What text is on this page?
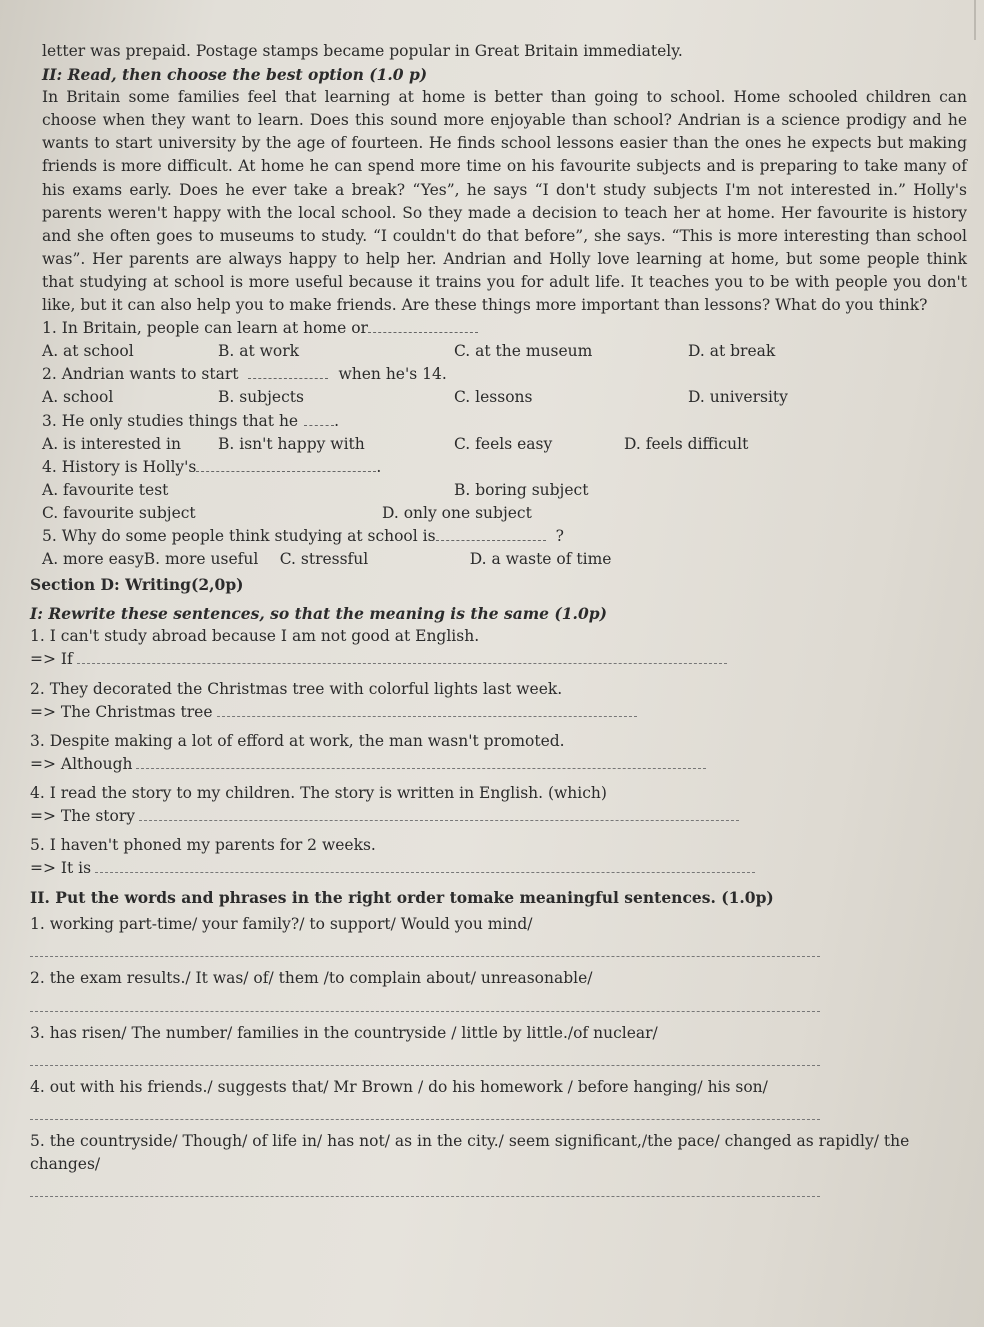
letter was prepaid. Postage stamps became popular in Great Britain immediately.
II: Read, then choose the best option (1.0 p)
In Britain some families feel that learning at home is better than going to school. Home schooled children can choose when they want to learn. Does this sound more enjoyable than school? Andrian is a science prodigy and he wants to start university by the age of fourteen. He finds school lessons easier than the ones he expects but making friends is more difficult. At home he can spend more time on his favourite subjects and is preparing to take many of his exams early. Does he ever take a break? “Yes”, he says “I don't study subjects I'm not interested in.” Holly's parents weren't happy with the local school. So they made a decision to teach her at home. Her favourite is history and she often goes to museums to study. “I couldn't do that before”, she says. “This is more interesting than school was”. Her parents are always happy to help her. Andrian and Holly love learning at home, but some people think that studying at school is more useful because it trains you for adult life. It teaches you to be with people you don't like, but it can also help you to make friends. Are these things more important than lessons? What do you think?
1. In Britain, people can learn at home or
A. at school	B. at work	C. at the museum	D. at break
2. Andrian wants to start	when he's 14.
A. school	B. subjects	C. lessons	D. university
3. He only studies things that he .
A. is interested in	B. isn't happy with	C. feels easy	D. feels difficult
4. History is Holly's	.
A. favourite test	B. boring subject
C. favourite subject	D. only one subject
5. Why do some people think studying at school is	?
A. more easy B. more useful	C. stressful	D. a waste of time
Section D: Writing(2,0p)
I: Rewrite these sentences, so that the meaning is the same (1.0p)
1. I can't study abroad because I am not good at English.
=> If
2. They decorated the Christmas tree with colorful lights last week.
=> The Christmas tree
3. Despite making a lot of efford at work, the man wasn't promoted.
=> Although
4. I read the story to my children. The story is written in English. (which)
=> The story
5. I haven't phoned my parents for 2 weeks.
=> It is
II. Put the words and phrases in the right order tomake meaningful sentences. (1.0p)
1. working part-time/ your family?/ to support/ Would you mind/
2. the exam results./ It was/ of/ them /to complain about/ unreasonable/
3. has risen/ The number/ families in the countryside / little by little./of nuclear/
4. out with his friends./ suggests that/ Mr Brown / do his homework / before hanging/ his son/
5. the countryside/ Though/ of life in/ has not/ as in the city./ seem significant,/the pace/ changed as rapidly/ the changes/
